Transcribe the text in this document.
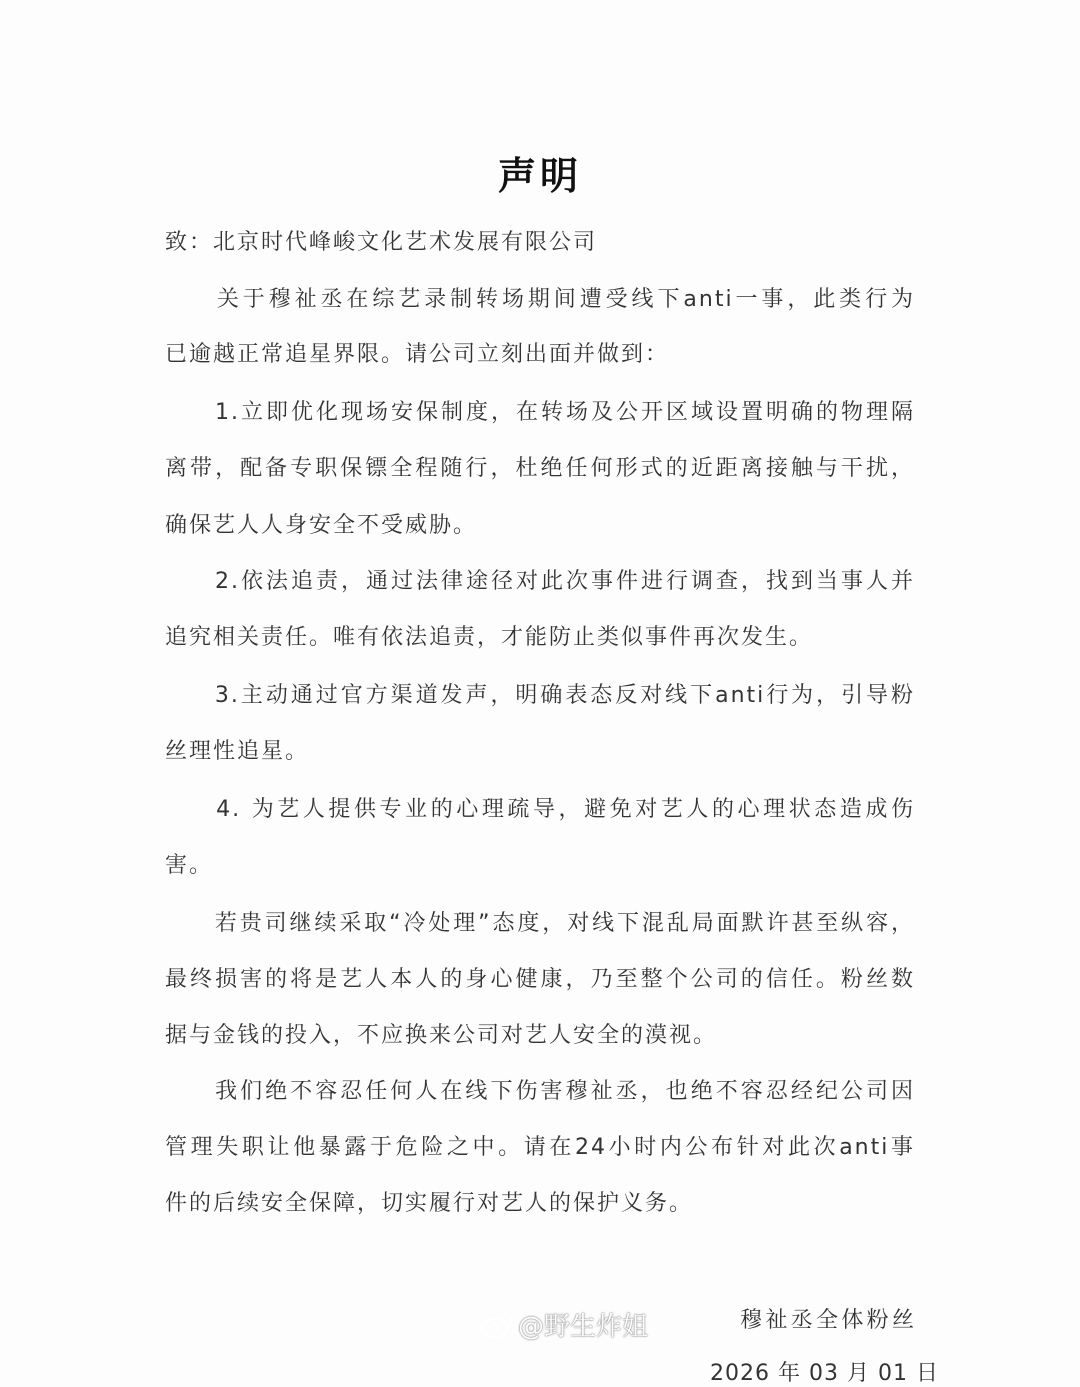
声明
致：北京时代峰峻文化艺术发展有限公司
　　关于穆祉丞在综艺录制转场期间遭受线下anti一事，此类行为
已逾越正常追星界限。请公司立刻出面并做到：
　　1.立即优化现场安保制度，在转场及公开区域设置明确的物理隔
离带，配备专职保镖全程随行，杜绝任何形式的近距离接触与干扰，
确保艺人人身安全不受威胁。
　　2.依法追责，通过法律途径对此次事件进行调查，找到当事人并
追究相关责任。唯有依法追责，才能防止类似事件再次发生。
　　3.主动通过官方渠道发声，明确表态反对线下anti行为，引导粉
丝理性追星。
　　4. 为艺人提供专业的心理疏导，避免对艺人的心理状态造成伤
害。
　　若贵司继续采取“冷处理”态度，对线下混乱局面默许甚至纵容，
最终损害的将是艺人本人的身心健康，乃至整个公司的信任。粉丝数
据与金钱的投入，不应换来公司对艺人安全的漠视。
　　我们绝不容忍任何人在线下伤害穆祉丞，也绝不容忍经纪公司因
管理失职让他暴露于危险之中。请在24小时内公布针对此次anti事
件的后续安全保障，切实履行对艺人的保护义务。
穆祉丞全体粉丝
2026 年 03 月 01 日
@野生炸姐
